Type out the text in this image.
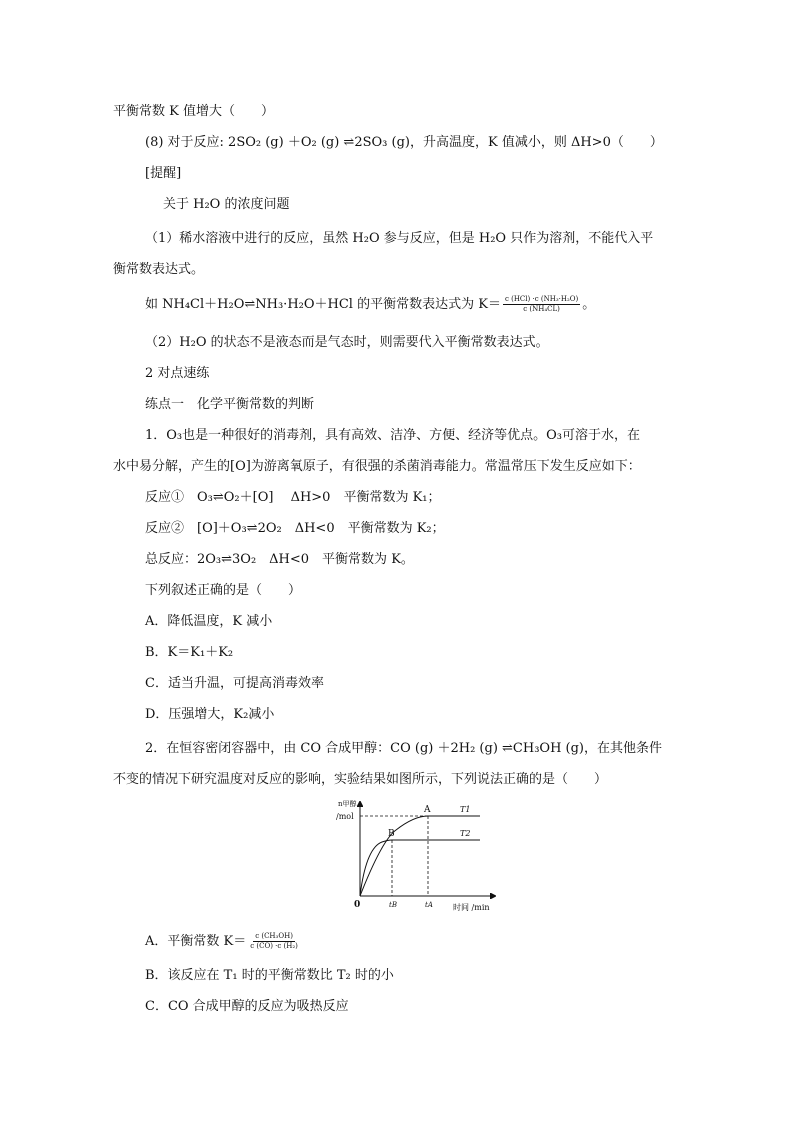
平衡常数 K 值增大（　　）
(8) 对于反应: 2SO₂ (g) ＋O₂ (g) ⇌2SO₃ (g)，升高温度，K 值减小，则 ΔH>0（　　）
[提醒]
关于 H₂O 的浓度问题
（1）稀水溶液中进行的反应，虽然 H₂O 参与反应，但是 H₂O 只作为溶剂，不能代入平
衡常数表达式。
如 NH₄Cl＋H₂O⇌NH₃·H₂O＋HCl 的平衡常数表达式为 $K= \frac{\text{c (HCl) ·c (NH₃·H₂O)}}{\text{c (NH₄CL)}}$ 。
（2）H₂O 的状态不是液态而是气态时，则需要代入平衡常数表达式。
2 对点速练
练点一　化学平衡常数的判断
1．O₃也是一种很好的消毒剂，具有高效、洁净、方便、经济等优点。O₃可溶于水，在
水中易分解，产生的[O]为游离氧原子，有很强的杀菌消毒能力。常温常压下发生反应如下：
反应①　O₃⇌O₂＋[O]　 ΔH>0　平衡常数为 K₁；
反应②　[O]＋O₃⇌2O₂　ΔH<0　平衡常数为 K₂；
总反应：2O₃⇌3O₂　ΔH<0　平衡常数为 K。
下列叙述正确的是（　　）
A．降低温度，K 减小
B．K＝K₁＋K₂
C．适当升温，可提高消毒效率
D．压强增大，K₂减小
2．在恒容密闭容器中，由 CO 合成甲醇：CO (g) ＋2H₂ (g) ⇌CH₃OH (g)，在其他条件
不变的情况下研究温度对反应的影响，实验结果如图所示，下列说法正确的是（　　）
n甲醇
/mol
0
A
B
T1
T2
tB	tA	时间 /min
A．平衡常数 $K= \frac{\text{c (CH₃OH)}}{\text{c (CO) ·c (H₂)}}$
B．该反应在 T₁ 时的平衡常数比 T₂ 时的小
C．CO 合成甲醇的反应为吸热反应
